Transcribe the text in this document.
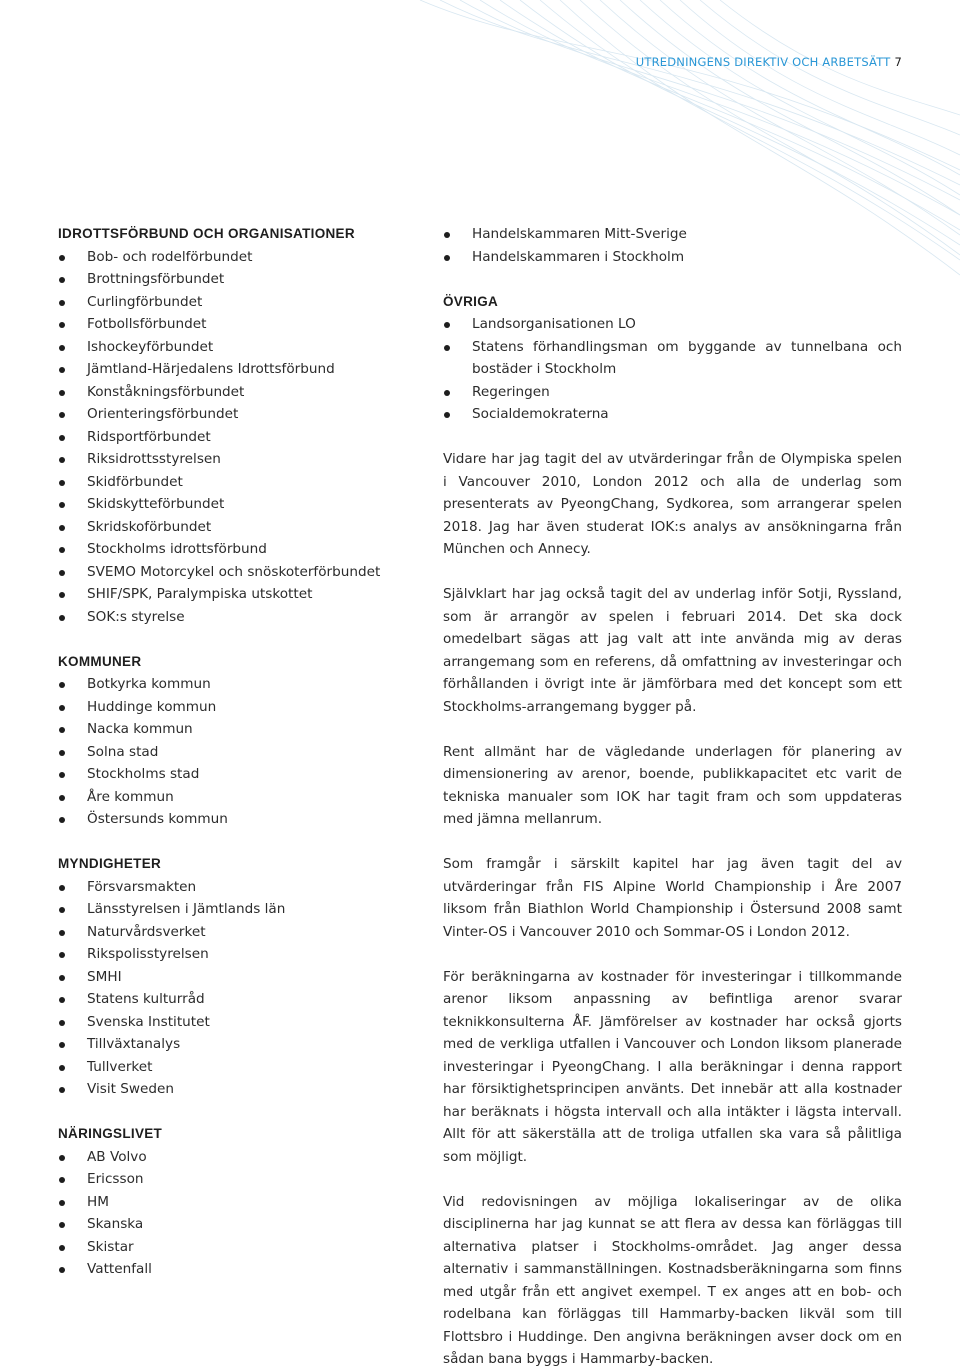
UTREDNINGENS DIREKTIV OCH ARBETSÄTT 7
IDROTTSFÖRBUND OCH ORGANISATIONER
Bob- och rodelförbundet
Brottningsförbundet
Curlingförbundet
Fotbollsförbundet
Ishockeyförbundet
Jämtland-Härjedalens Idrottsförbund
Konståkningsförbundet
Orienteringsförbundet
Ridsportförbundet
Riksidrottsstyrelsen
Skidförbundet
Skidskytteförbundet
Skridskoförbundet
Stockholms idrottsförbund
SVEMO Motorcykel och snöskoterförbundet
SHIF/SPK, Paralympiska utskottet
SOK:s styrelse
KOMMUNER
Botkyrka kommun
Huddinge kommun
Nacka kommun
Solna stad
Stockholms stad
Åre kommun
Östersunds kommun
MYNDIGHETER
Försvarsmakten
Länsstyrelsen i Jämtlands län
Naturvårdsverket
Rikspolisstyrelsen
SMHI
Statens kulturråd
Svenska Institutet
Tillväxtanalys
Tullverket
Visit Sweden
NÄRINGSLIVET
AB Volvo
Ericsson
HM
Skanska
Skistar
Vattenfall
Handelskammaren Mitt-Sverige
Handelskammaren i Stockholm
ÖVRIGA
Landsorganisationen LO
Statens förhandlingsman om byggande av tunnelbana och bostäder i Stockholm
Regeringen
Socialdemokraterna

Vidare har jag tagit del av utvärderingar från de Olympiska spelen i Vancouver 2010, London 2012 och alla de underlag som presenterats av PyeongChang, Sydkorea, som arrangerar spelen 2018. Jag har även studerat IOK:s analys av ansökningarna från München och Annecy.

Självklart har jag också tagit del av underlag inför Sotji, Ryssland, som är arrangör av spelen i februari 2014. Det ska dock omedelbart sägas att jag valt att inte använda mig av deras arrangemang som en referens, då omfattning av investeringar och förhållanden i övrigt inte är jämförbara med det koncept som ett Stockholms-arrangemang bygger på.

Rent allmänt har de vägledande underlagen för planering av dimensionering av arenor, boende, publikkapacitet etc varit de tekniska manualer som IOK har tagit fram och som uppdateras med jämna mellanrum.

Som framgår i särskilt kapitel har jag även tagit del av utvärderingar från FIS Alpine World Championship i Åre 2007 liksom från Biathlon World Championship i Östersund 2008 samt Vinter-OS i Vancouver 2010 och Sommar-OS i London 2012.

För beräkningarna av kostnader för investeringar i tillkommande arenor liksom anpassning av befintliga arenor svarar teknikkonsulterna ÅF. Jämförelser av kostnader har också gjorts med de verkliga utfallen i Vancouver och London liksom planerade investeringar i PyeongChang. I alla beräkningar i denna rapport har försiktighetsprincipen använts. Det innebär att alla kostnader har beräknats i högsta intervall och alla intäkter i lägsta intervall. Allt för att säkerställa att de troliga utfallen ska vara så pålitliga som möjligt.

Vid redovisningen av möjliga lokaliseringar av de olika disciplinerna har jag kunnat se att flera av dessa kan förläggas till alternativa platser i Stockholms-området. Jag anger dessa alternativ i sammanställningen. Kostnadsberäkningarna som finns med utgår från ett angivet exempel. T ex anges att en bob- och rodelbana kan förläggas till Hammarby-backen likväl som till Flottsbro i Huddinge. Den angivna beräkningen avser dock om en sådan bana byggs i Hammarby-backen.
